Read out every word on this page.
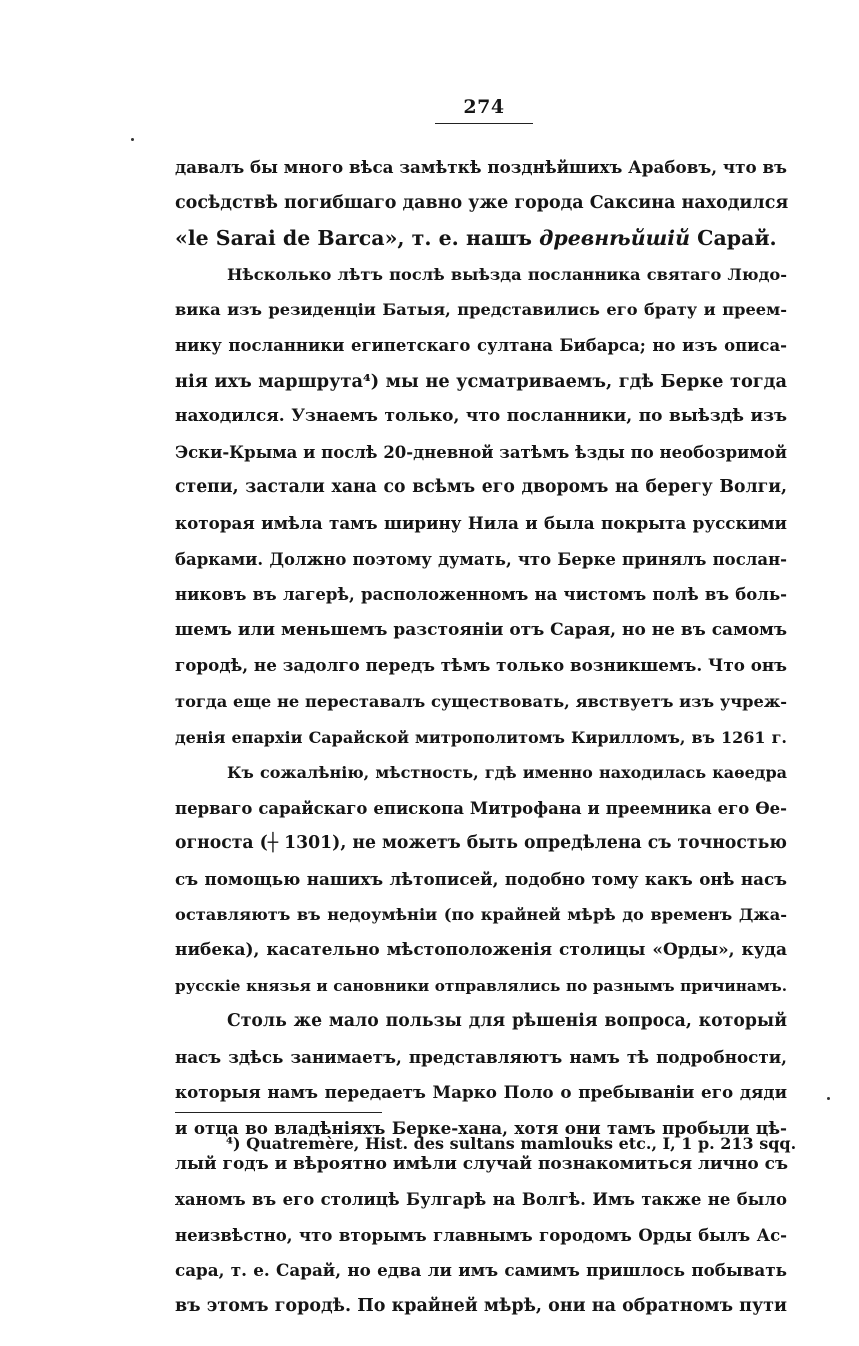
274
давалъ бы много вѣса замѣткѣ позднѣйшихъ Арабовъ, что въ
сосѣдствѣ погибшаго давно уже города Саксина находился
«le Sarai de Barca», т. е. нашъ древнѣйшій Сарай.
Нѣсколько лѣтъ послѣ выѣзда посланника святаго Людо-
вика изъ резиденціи Батыя, представились его брату и преем-
нику посланники египетскаго султана Бибарса; но изъ описа-
нія ихъ маршрута⁴) мы не усматриваемъ, гдѣ Берке тогда
находился. Узнаемъ только, что посланники, по выѣздѣ изъ
Эски-Крыма и послѣ 20-дневной затѣмъ ѣзды по необозримой
степи, застали хана со всѣмъ его дворомъ на берегу Волги,
которая имѣла тамъ ширину Нила и была покрыта русскими
барками. Должно поэтому думать, что Берке принялъ послан-
никовъ въ лагерѣ, расположенномъ на чистомъ полѣ въ боль-
шемъ или меньшемъ разстояніи отъ Сарая, но не въ самомъ
городѣ, не задолго передъ тѣмъ только возникшемъ. Что онъ
тогда еще не переставалъ существовать, явствуетъ изъ учреж-
денія епархіи Сарайской митрополитомъ Кирилломъ, въ 1261 г.
Къ сожалѣнію, мѣстность, гдѣ именно находилась каѳедра
перваго сарайскаго епископа Митрофана и преемника его Ѳе-
огноста (┼ 1301), не можетъ быть опредѣлена съ точностью
съ помощью нашихъ лѣтописей, подобно тому какъ онѣ насъ
оставляютъ въ недоумѣніи (по крайней мѣрѣ до временъ Джа-
нибека), касательно мѣстоположенія столицы «Орды», куда
русскіе князья и сановники отправлялись по разнымъ причинамъ.
Столь же мало пользы для рѣшенія вопроса, который
насъ здѣсь занимаетъ, представляютъ намъ тѣ подробности,
которыя намъ передаетъ Марко Поло о пребываніи его дяди
и отца во владѣніяхъ Берке-хана, хотя они тамъ пробыли цѣ-
лый годъ и вѣроятно имѣли случай познакомиться лично съ
ханомъ въ его столицѣ Булгарѣ на Волгѣ. Имъ также не было
неизвѣстно, что вторымъ главнымъ городомъ Орды былъ Ас-
сара, т. е. Сарай, но едва ли имъ самимъ пришлось побывать
въ этомъ городѣ. По крайней мѣрѣ, они на обратномъ пути
⁴) Quatremère, Hist. des sultans mamlouks etc., I, 1 p. 213 sqq.
